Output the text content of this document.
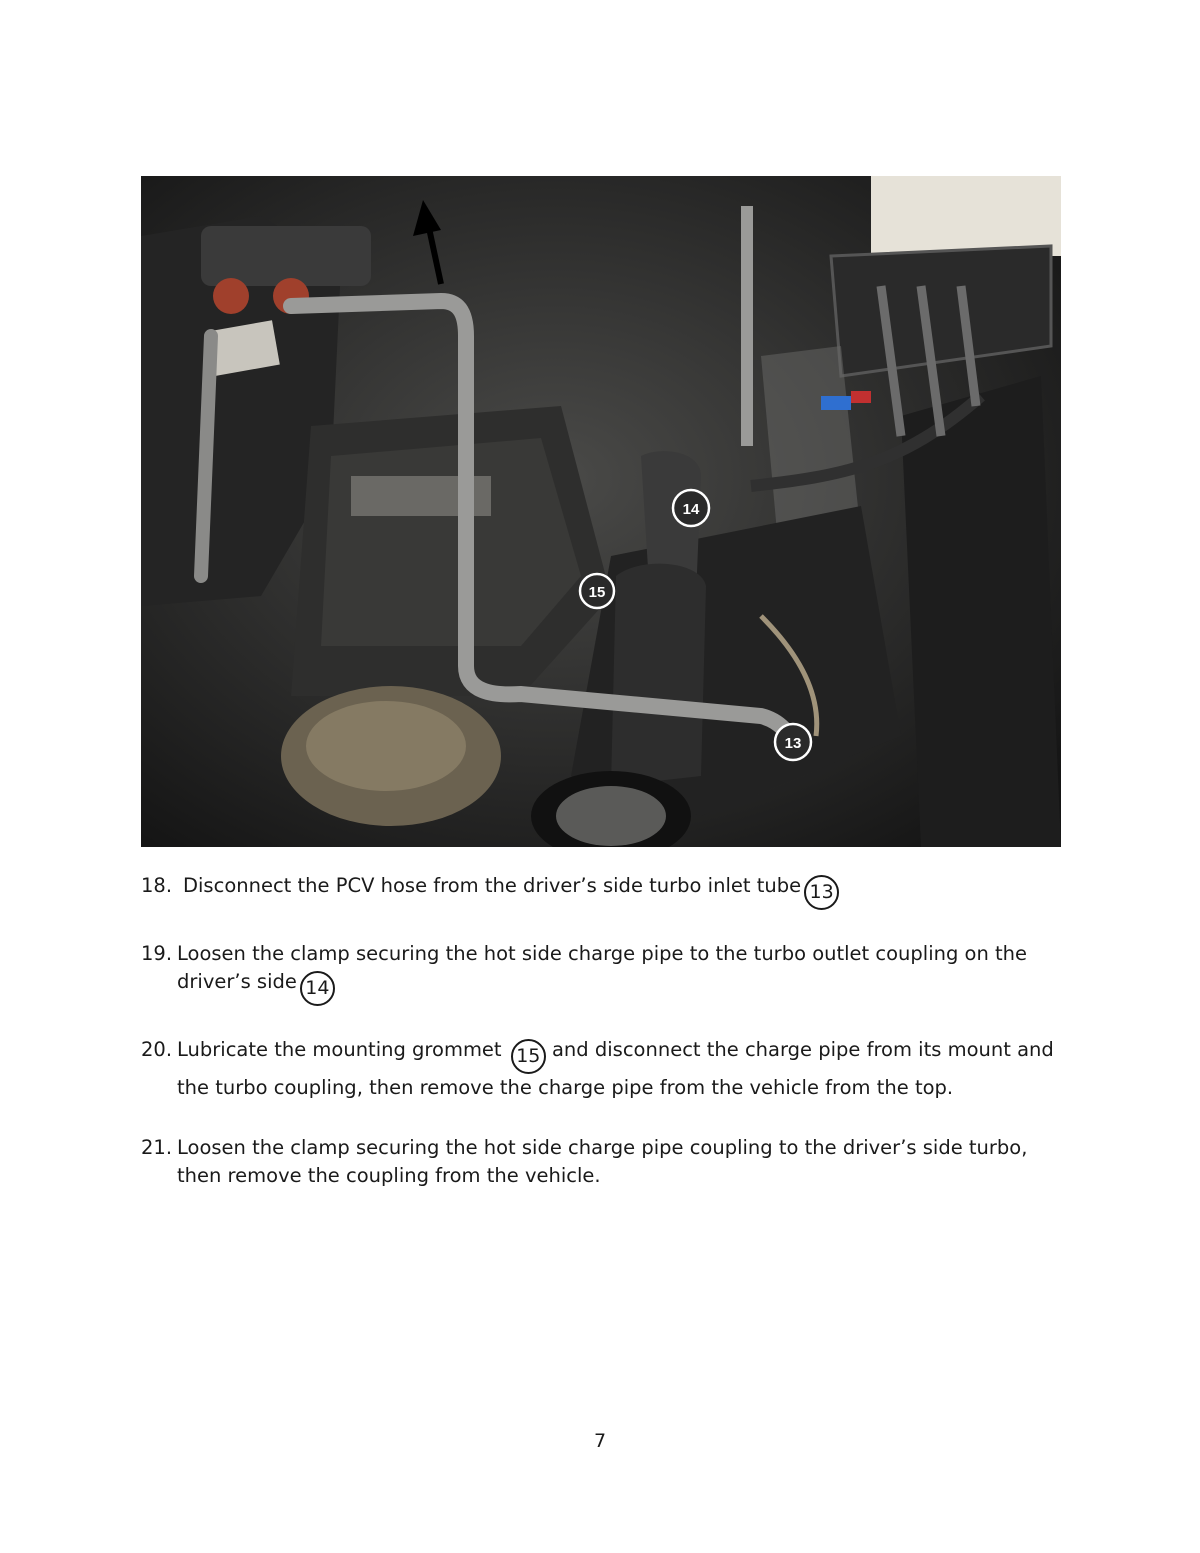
14
15
13

18. Disconnect the PCV hose from the driver’s side turbo inlet tube 13

19. Loosen the clamp securing the hot side charge pipe to the turbo outlet coupling on the driver’s side 14

20. Lubricate the mounting grommet 15 and disconnect the charge pipe from its mount and the turbo coupling, then remove the charge pipe from the vehicle from the top.

21. Loosen the clamp securing the hot side charge pipe coupling to the driver’s side turbo, then remove the coupling from the vehicle.

7
